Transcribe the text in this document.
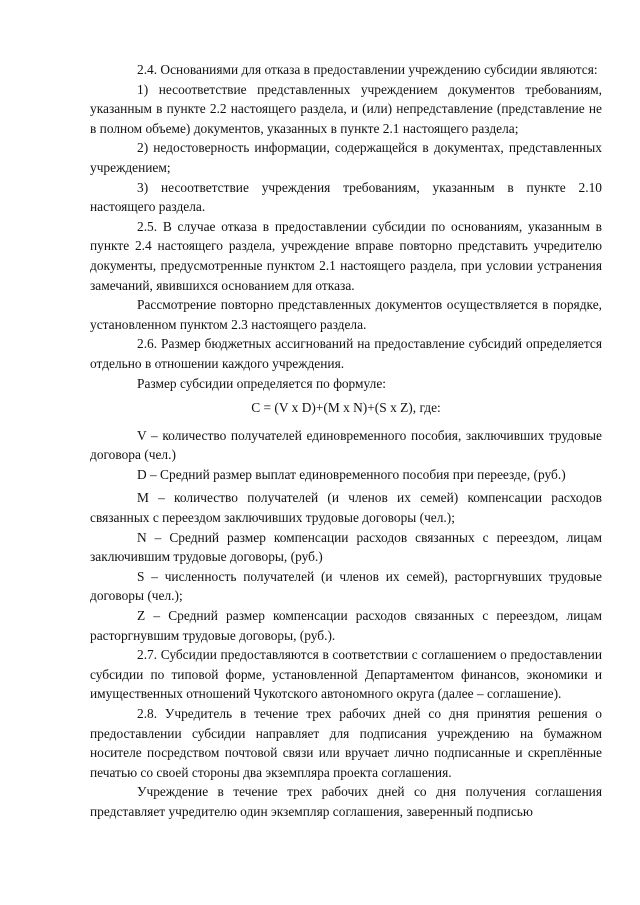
2.4. Основаниями для отказа в предоставлении учреждению субсидии являются:

1) несоответствие представленных учреждением документов требованиям, указанным в пункте 2.2 настоящего раздела, и (или) непредставление (представление не в полном объеме) документов, указанных в пункте 2.1 настоящего раздела;

2) недостоверность информации, содержащейся в документах, представленных учреждением;

3) несоответствие учреждения требованиям, указанным в пункте 2.10 настоящего раздела.

2.5. В случае отказа в предоставлении субсидии по основаниям, указанным в пункте 2.4 настоящего раздела, учреждение вправе повторно представить учредителю документы, предусмотренные пунктом 2.1 настоящего раздела, при условии устранения замечаний, явившихся основанием для отказа.

Рассмотрение повторно представленных документов осуществляется в порядке, установленном пунктом 2.3 настоящего раздела.

2.6. Размер бюджетных ассигнований на предоставление субсидий определяется отдельно в отношении каждого учреждения.

Размер субсидии определяется по формуле:

C = (V x D)+(M x N)+(S x Z), где:

V – количество получателей единовременного пособия, заключивших трудовые договора (чел.)

D – Средний размер выплат единовременного пособия при переезде, (руб.)

M – количество получателей (и членов их семей) компенсации расходов связанных с переездом заключивших трудовые договоры (чел.);

N – Средний размер компенсации расходов связанных с переездом, лицам заключившим трудовые договоры, (руб.)

S – численность получателей (и членов их семей), расторгнувших трудовые договоры (чел.);

Z – Средний размер компенсации расходов связанных с переездом, лицам расторгнувшим трудовые договоры, (руб.).

2.7. Субсидии предоставляются в соответствии с соглашением о предоставлении субсидии по типовой форме, установленной Департаментом финансов, экономики и имущественных отношений Чукотского автономного округа (далее – соглашение).

2.8. Учредитель в течение трех рабочих дней со дня принятия решения о предоставлении субсидии направляет для подписания учреждению на бумажном носителе посредством почтовой связи или вручает лично подписанные и скреплённые печатью со своей стороны два экземпляра проекта соглашения.

Учреждение в течение трех рабочих дней со дня получения соглашения представляет учредителю один экземпляр соглашения, заверенный подписью
